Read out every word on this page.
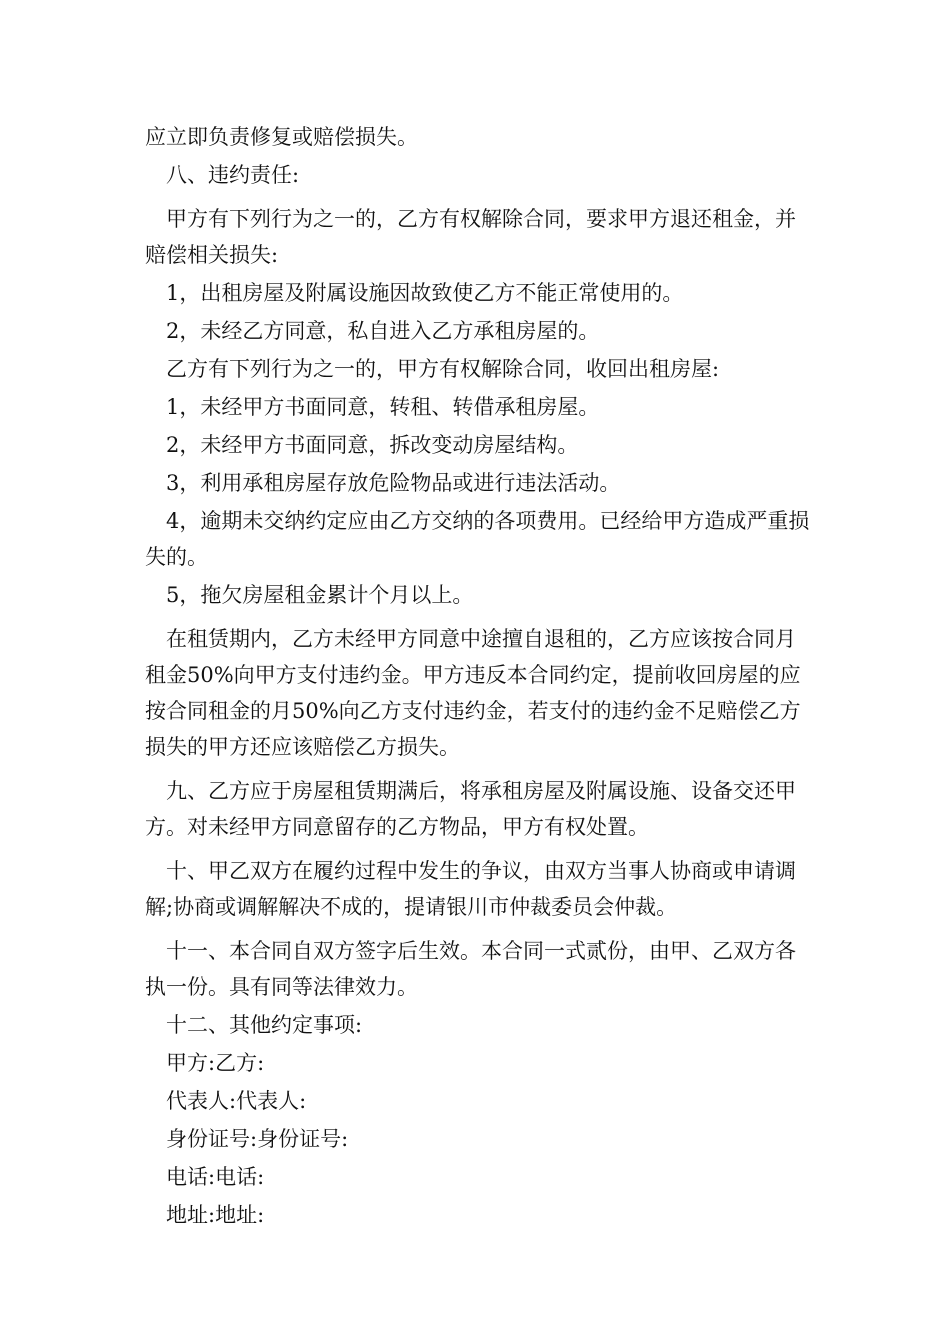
应立即负责修复或赔偿损失。

八、违约责任:

甲方有下列行为之一的，乙方有权解除合同，要求甲方退还租金，并赔偿相关损失:

1，出租房屋及附属设施因故致使乙方不能正常使用的。

2，未经乙方同意，私自进入乙方承租房屋的。

乙方有下列行为之一的，甲方有权解除合同，收回出租房屋:

1，未经甲方书面同意，转租、转借承租房屋。

2，未经甲方书面同意，拆改变动房屋结构。

3，利用承租房屋存放危险物品或进行违法活动。

4，逾期未交纳约定应由乙方交纳的各项费用。已经给甲方造成严重损失的。

5，拖欠房屋租金累计个月以上。

在租赁期内，乙方未经甲方同意中途擅自退租的，乙方应该按合同月租金50%向甲方支付违约金。甲方违反本合同约定，提前收回房屋的应按合同租金的月50%向乙方支付违约金，若支付的违约金不足赔偿乙方损失的甲方还应该赔偿乙方损失。

九、乙方应于房屋租赁期满后，将承租房屋及附属设施、设备交还甲方。对未经甲方同意留存的乙方物品，甲方有权处置。

十、甲乙双方在履约过程中发生的争议，由双方当事人协商或申请调解;协商或调解解决不成的，提请银川市仲裁委员会仲裁。

十一、本合同自双方签字后生效。本合同一式贰份，由甲、乙双方各执一份。具有同等法律效力。

十二、其他约定事项:

甲方:乙方:

代表人:代表人:

身份证号:身份证号:

电话:电话:

地址:地址:
